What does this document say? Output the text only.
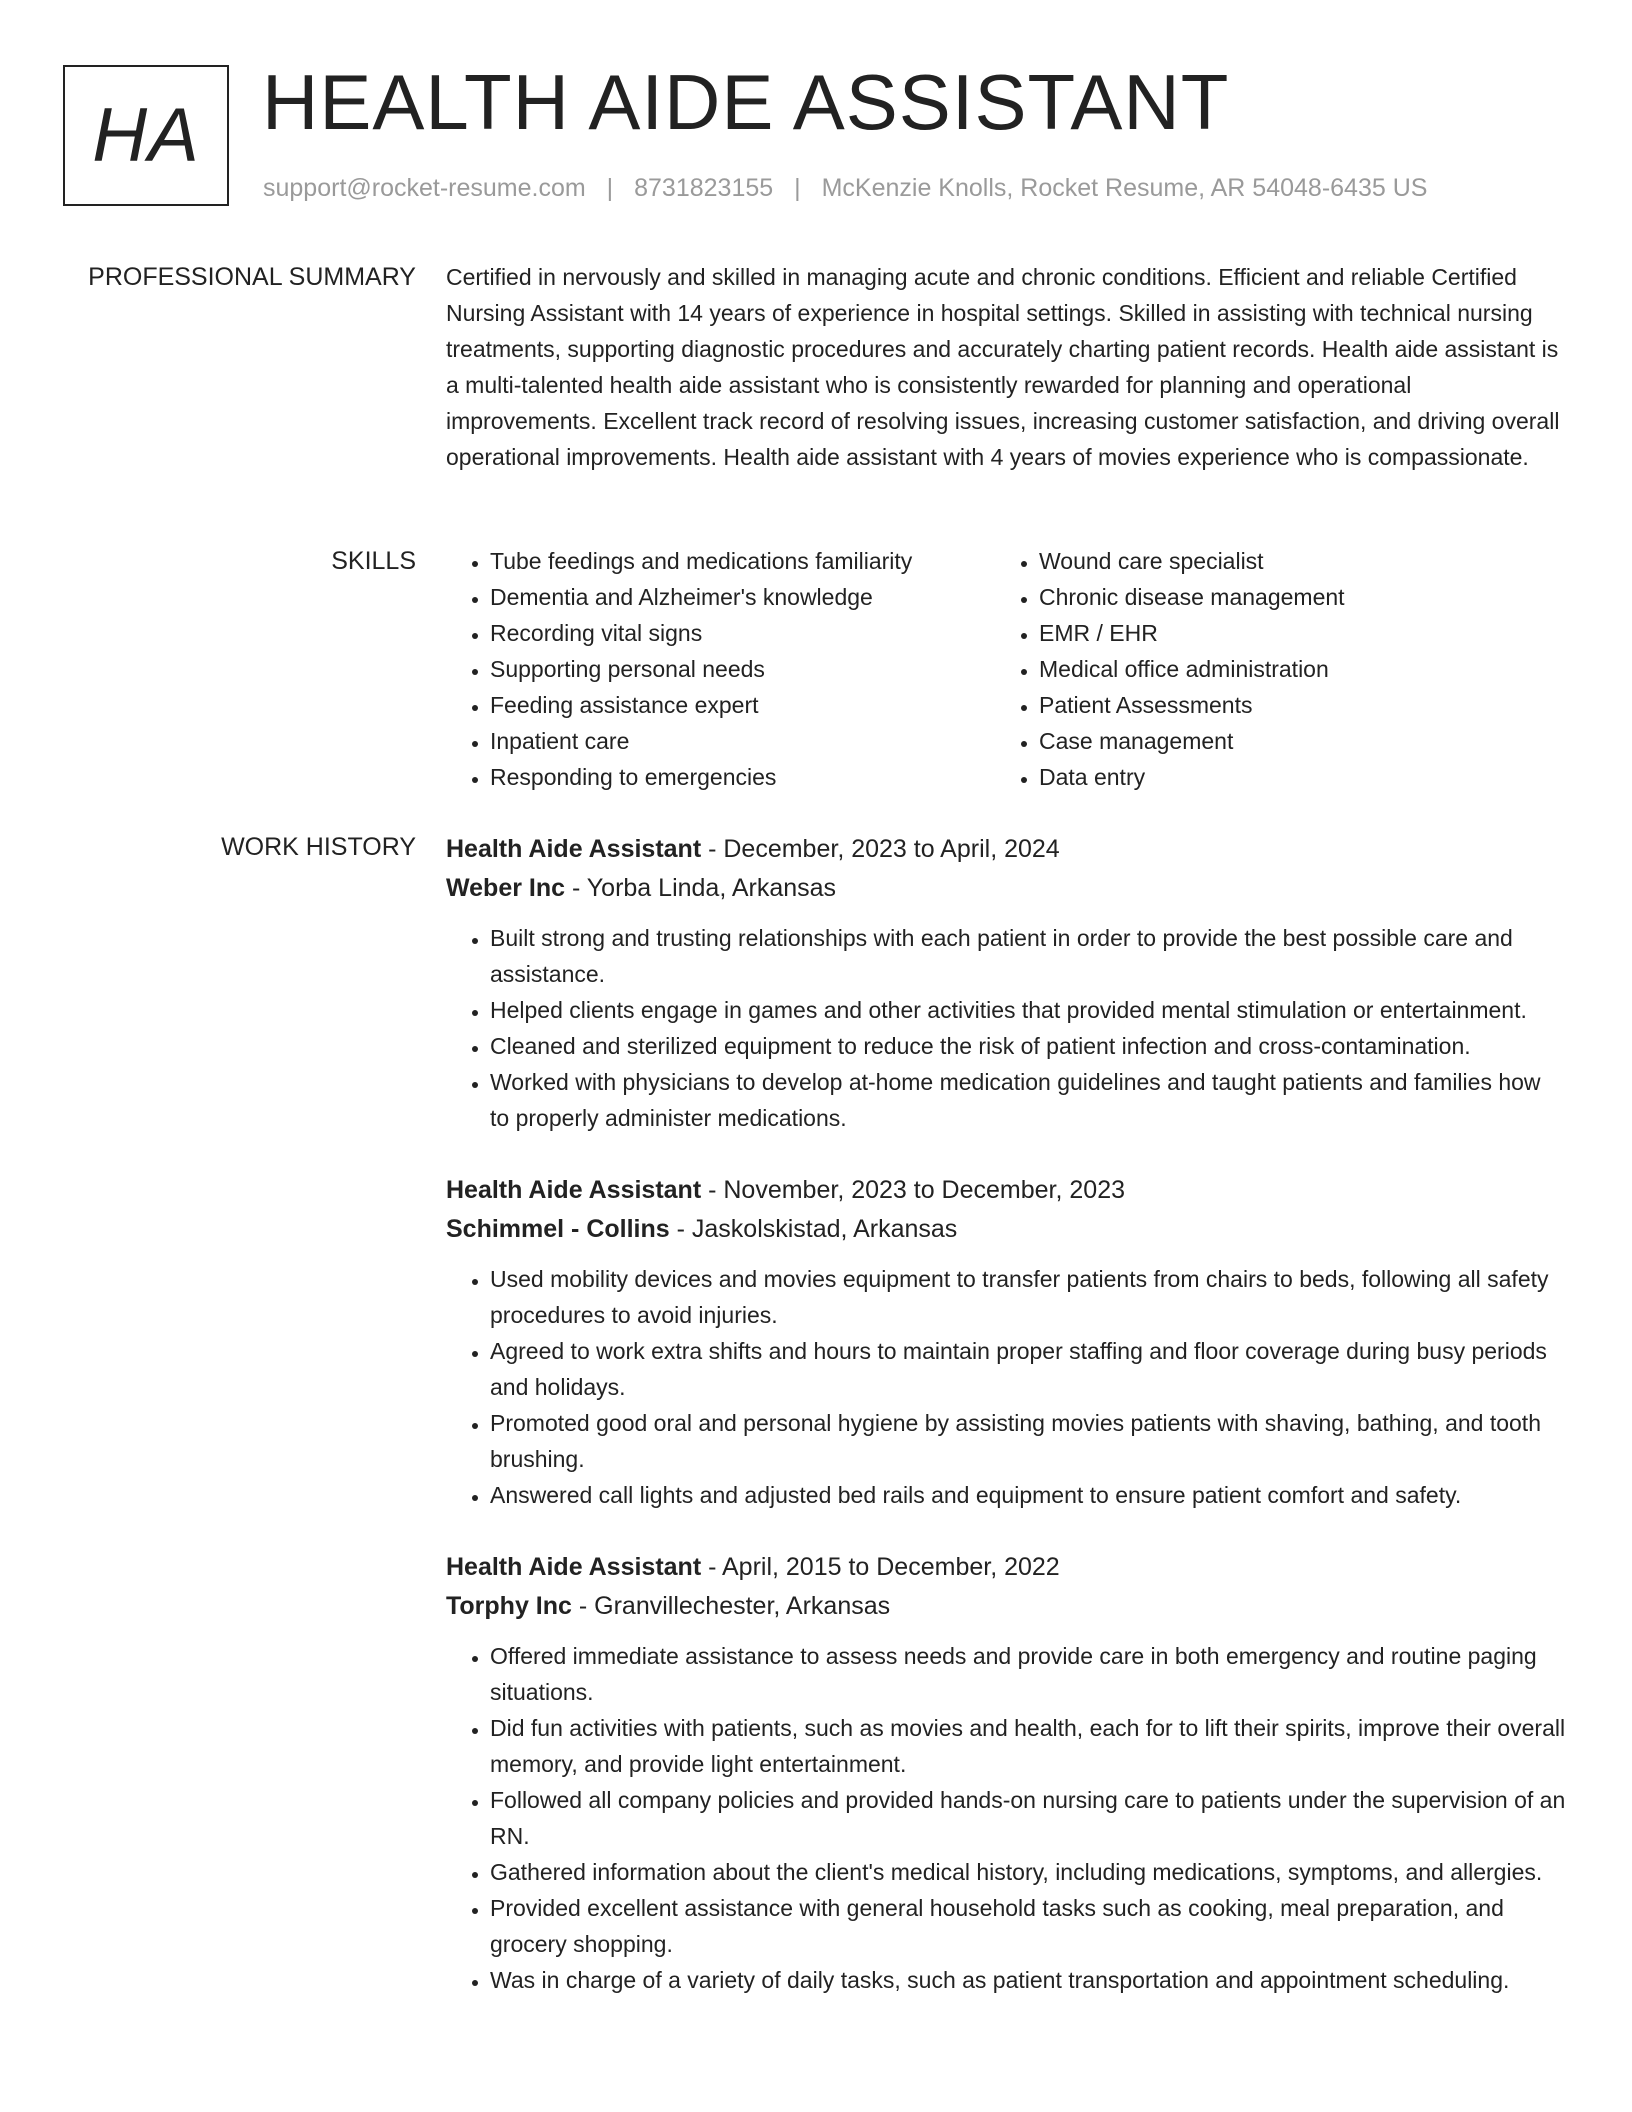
HA HEALTH AIDE ASSISTANT
support@rocket-resume.com | 8731823155 | McKenzie Knolls, Rocket Resume, AR 54048-6435 US
PROFESSIONAL SUMMARY Certified in nervously and skilled in managing acute and chronic conditions. Efficient and reliable Certified Nursing Assistant with 14 years of experience in hospital settings. Skilled in assisting with technical nursing treatments, supporting diagnostic procedures and accurately charting patient records. Health aide assistant is a multi-talented health aide assistant who is consistently rewarded for planning and operational improvements. Excellent track record of resolving issues, increasing customer satisfaction, and driving overall operational improvements. Health aide assistant with 4 years of movies experience who is compassionate.
SKILLS
•	Tube feedings and medications familiarity
• Dementia and Alzheimer's knowledge
• Recording vital signs
• Supporting personal needs
• Feeding assistance expert
• Inpatient care
• Responding to emergencies
• Wound care specialist
• Chronic disease management
• EMR / EHR
• Medical office administration
• Patient Assessments
• Case management
• Data entry
WORK HISTORY Health Aide Assistant - December, 2023 to April, 2024
Weber Inc - Yorba Linda, Arkansas
• Built strong and trusting relationships with each patient in order to provide the best possible care and assistance.
• Helped clients engage in games and other activities that provided mental stimulation or entertainment.
• Cleaned and sterilized equipment to reduce the risk of patient infection and cross-contamination.
• Worked with physicians to develop at-home medication guidelines and taught patients and families how to properly administer medications.
Health Aide Assistant - November, 2023 to December, 2023
Schimmel - Collins - Jaskolskistad, Arkansas
• Used mobility devices and movies equipment to transfer patients from chairs to beds, following all safety procedures to avoid injuries.
• Agreed to work extra shifts and hours to maintain proper staffing and floor coverage during busy periods and holidays.
• Promoted good oral and personal hygiene by assisting movies patients with shaving, bathing, and tooth brushing.
• Answered call lights and adjusted bed rails and equipment to ensure patient comfort and safety.
Health Aide Assistant - April, 2015 to December, 2022
Torphy Inc - Granvillechester, Arkansas
• Offered immediate assistance to assess needs and provide care in both emergency and routine paging situations.
• Did fun activities with patients, such as movies and health, each for to lift their spirits, improve their overall memory, and provide light entertainment.
• Followed all company policies and provided hands-on nursing care to patients under the supervision of an RN.
• Gathered information about the client's medical history, including medications, symptoms, and allergies.
• Provided excellent assistance with general household tasks such as cooking, meal preparation, and grocery shopping.
• Was in charge of a variety of daily tasks, such as patient transportation and appointment scheduling.
